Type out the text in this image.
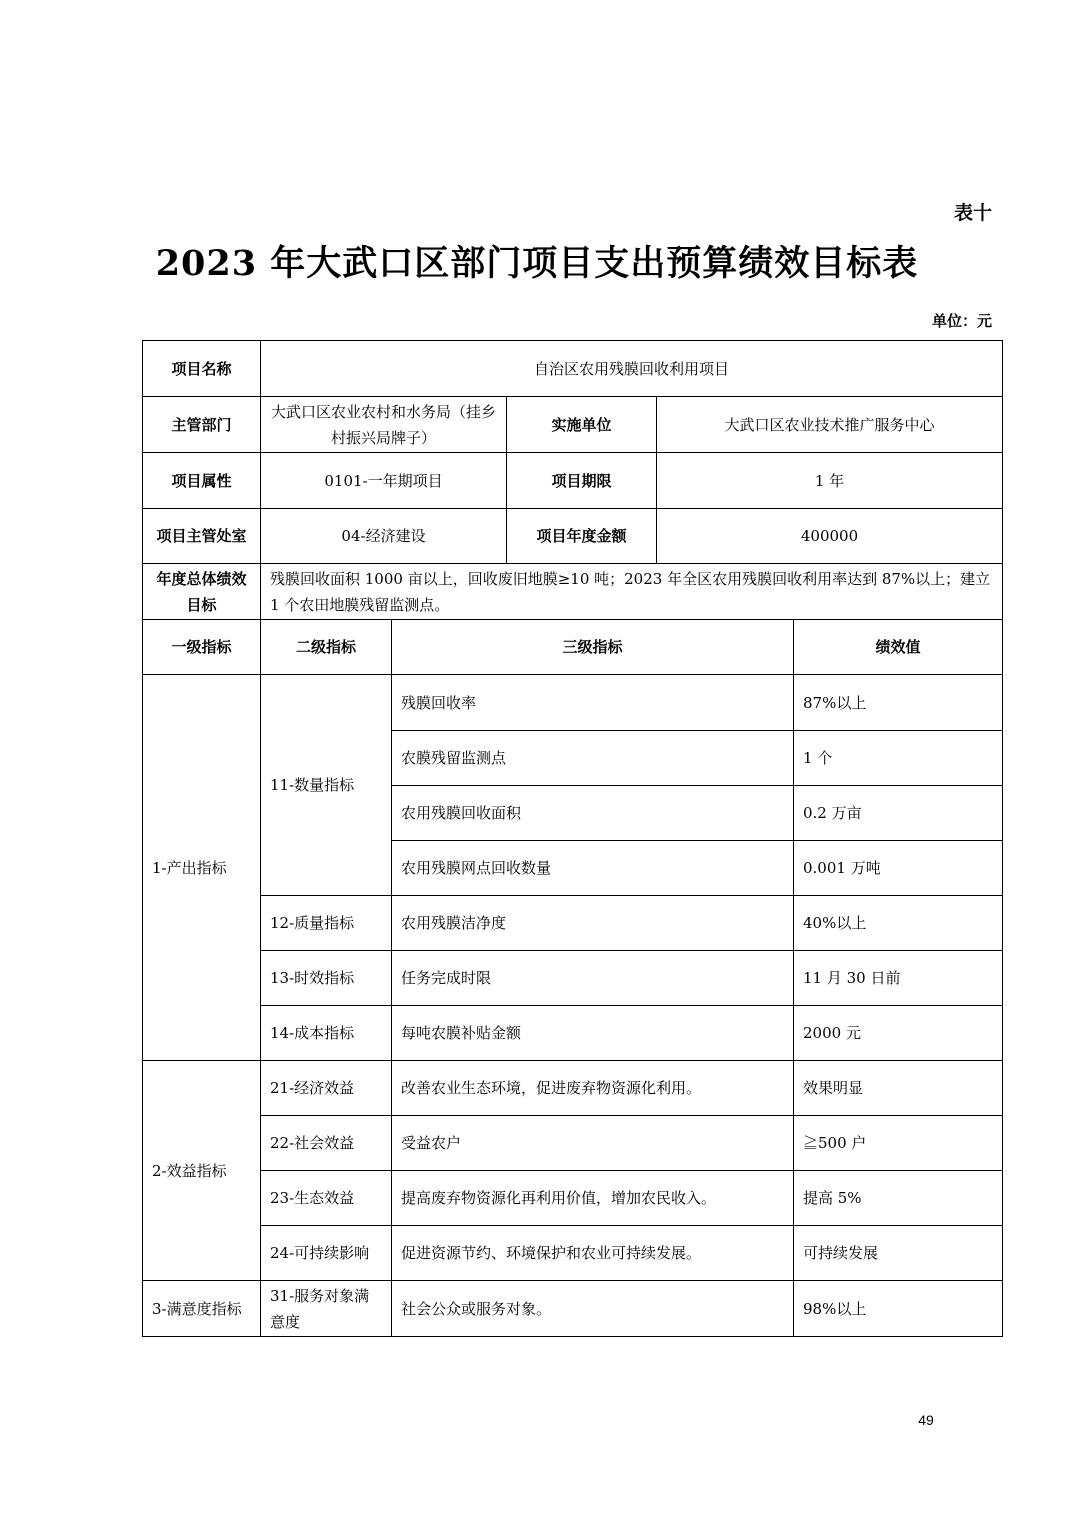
表十
2023 年大武口区部门项目支出预算绩效目标表
单位：元
项目名称	自治区农用残膜回收利用项目		
主管部门	大武口区农业农村和水务局（挂乡村振兴局牌子）	实施单位	大武口区农业技术推广服务中心
项目属性	0101-一年期项目	项目期限	1 年
项目主管处室	04-经济建设	项目年度金额	400000
年度总体绩效目标	残膜回收面积 1000 亩以上，回收废旧地膜≥10 吨；2023 年全区农用残膜回收利用率达到 87%以上；建立 1 个农田地膜残留监测点。		
一级指标	二级指标	三级指标	绩效值
1-产出指标	11-数量指标	残膜回收率	87%以上
		农膜残留监测点	1 个
		农用残膜回收面积	0.2 万亩
		农用残膜网点回收数量	0.001 万吨
	12-质量指标	农用残膜洁净度	40%以上
	13-时效指标	任务完成时限	11 月 30 日前
	14-成本指标	每吨农膜补贴金额	2000 元
2-效益指标	21-经济效益	改善农业生态环境，促进废弃物资源化利用。	效果明显
	22-社会效益	受益农户	≧500 户
	23-生态效益	提高废弃物资源化再利用价值，增加农民收入。	提高 5%
	24-可持续影响	促进资源节约、环境保护和农业可持续发展。	可持续发展
3-满意度指标	31-服务对象满意度	社会公众或服务对象。	98%以上
49
